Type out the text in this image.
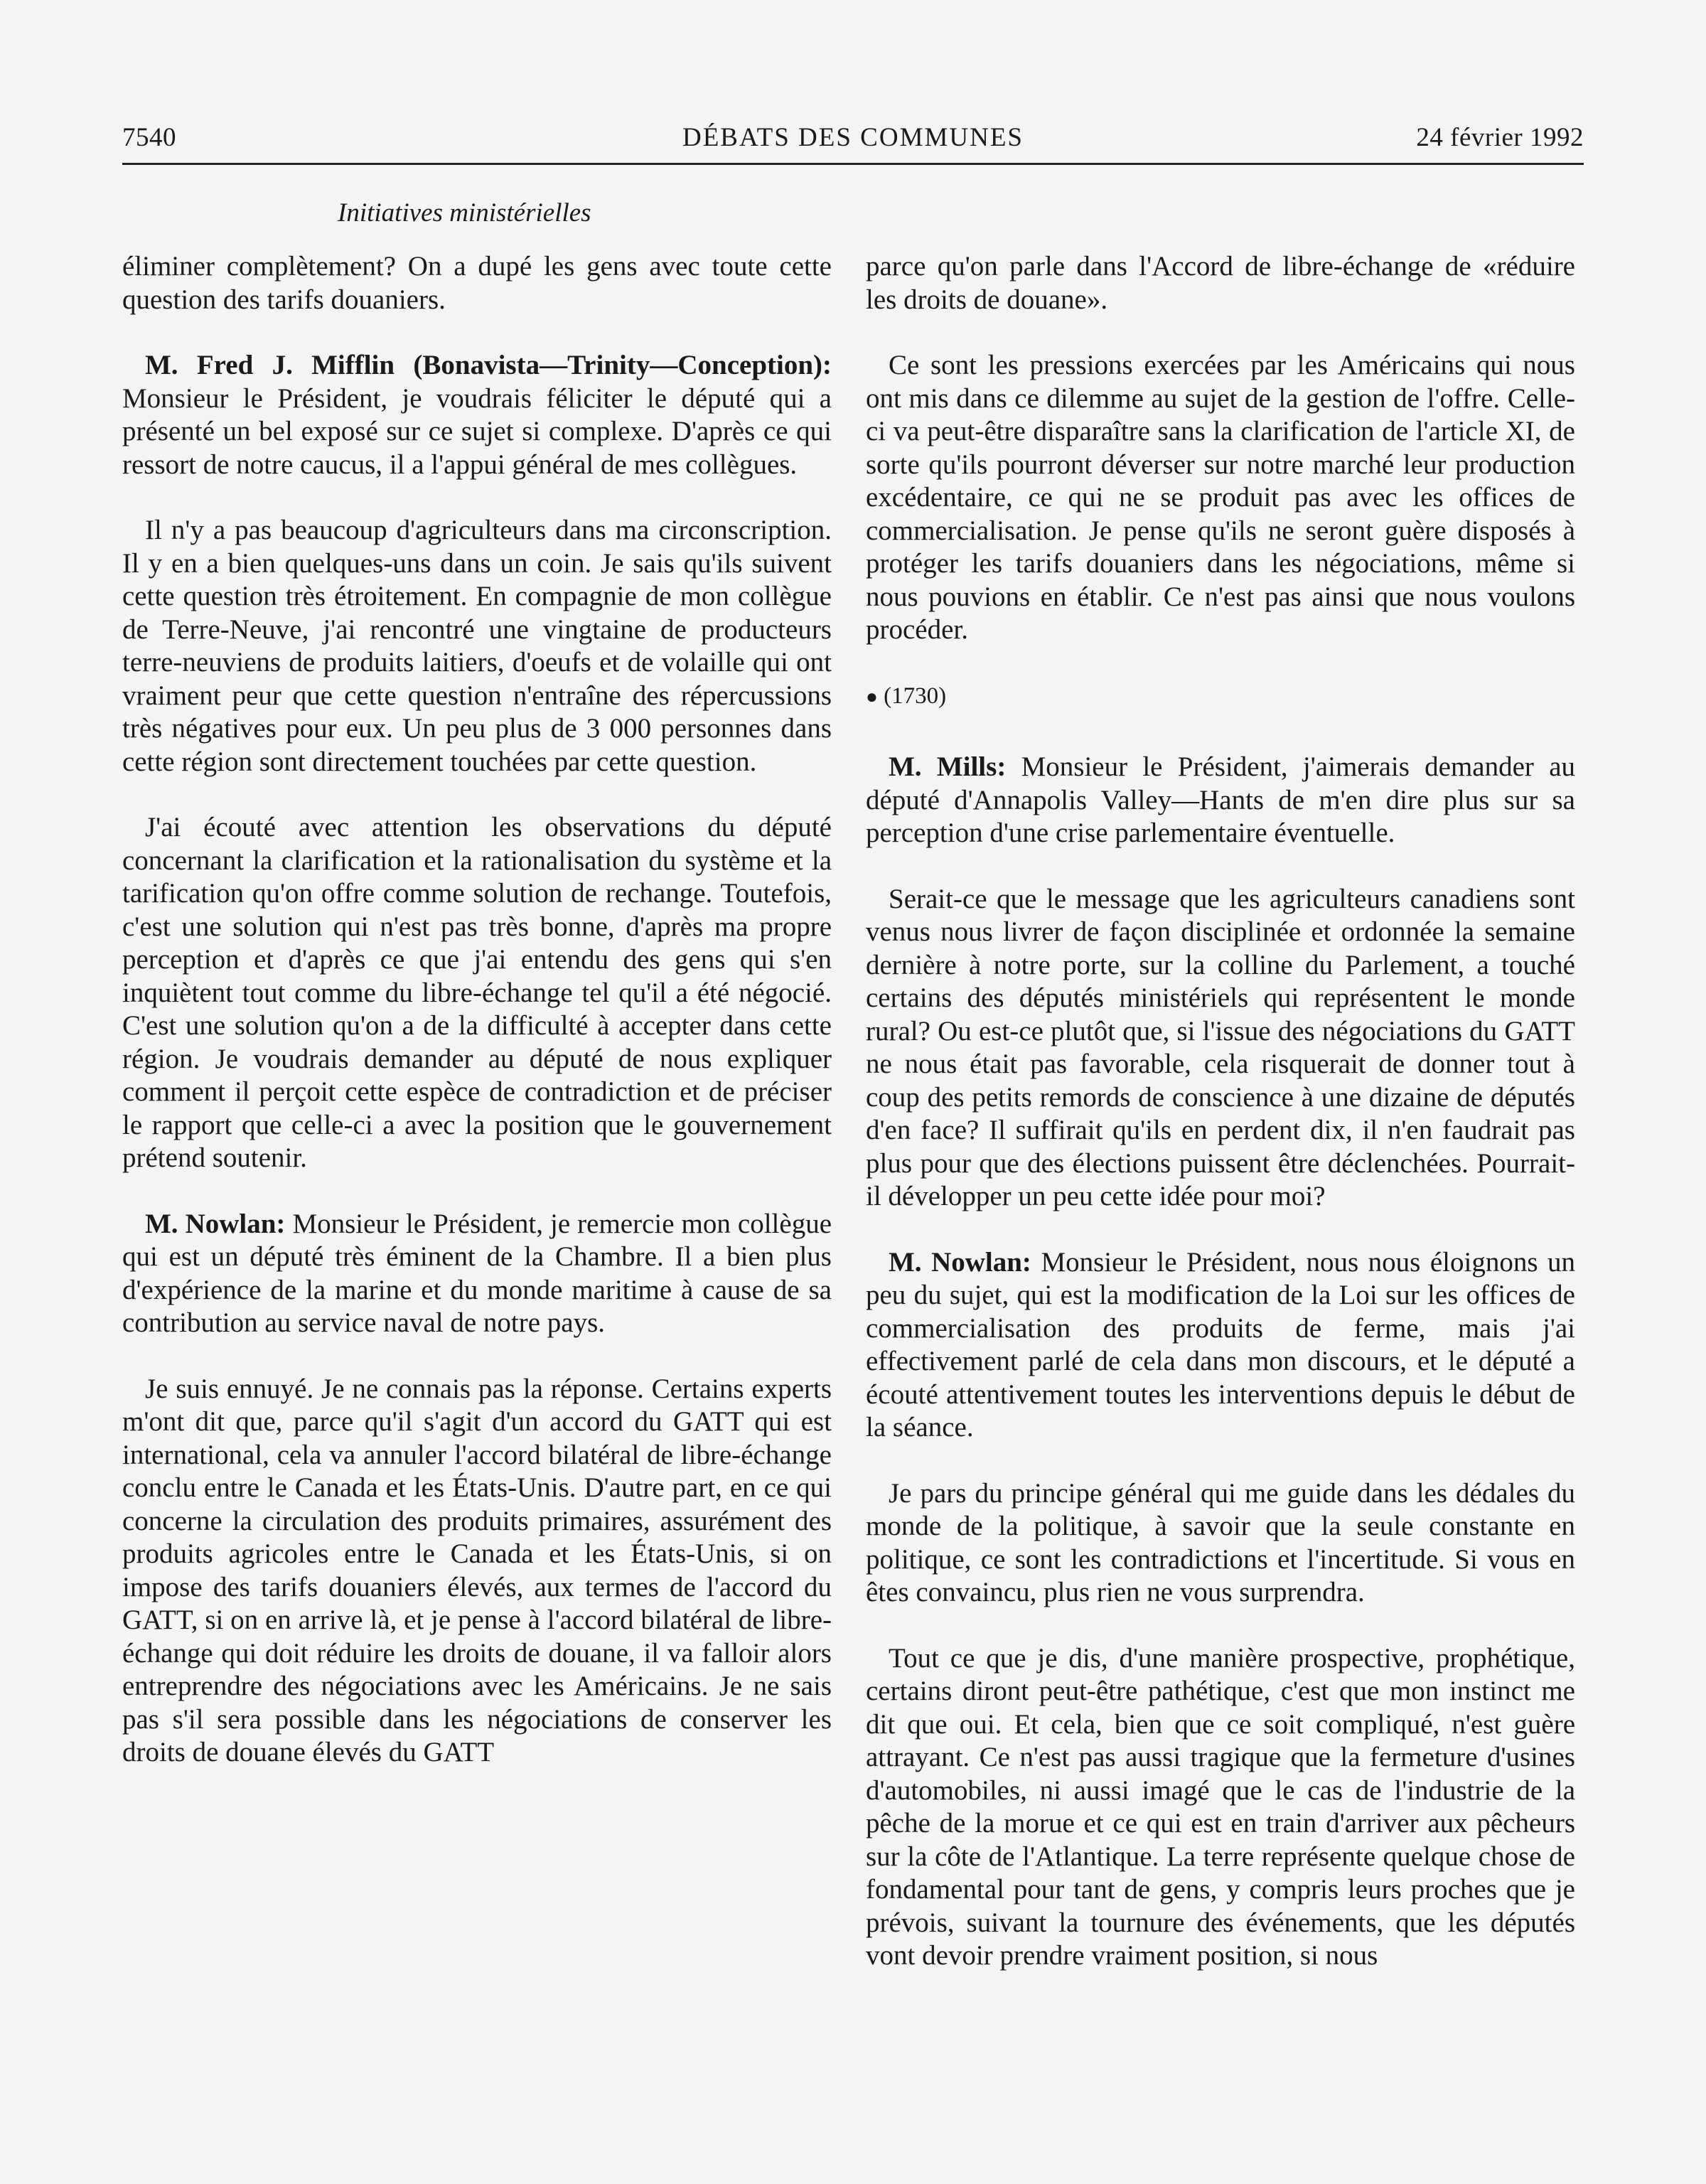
7540	DÉBATS DES COMMUNES	24 février 1992
Initiatives ministérielles

éliminer complètement? On a dupé les gens avec toute cette question des tarifs douaniers.

M. Fred J. Mifflin (Bonavista—Trinity—Conception): Monsieur le Président, je voudrais féliciter le député qui a présenté un bel exposé sur ce sujet si complexe. D'après ce qui ressort de notre caucus, il a l'appui général de mes collègues.

Il n'y a pas beaucoup d'agriculteurs dans ma circonscription. Il y en a bien quelques-uns dans un coin. Je sais qu'ils suivent cette question très étroitement. En compagnie de mon collègue de Terre-Neuve, j'ai rencontré une vingtaine de producteurs terre-neuviens de produits laitiers, d'oeufs et de volaille qui ont vraiment peur que cette question n'entraîne des répercussions très négatives pour eux. Un peu plus de 3 000 personnes dans cette région sont directement touchées par cette question.

J'ai écouté avec attention les observations du député concernant la clarification et la rationalisation du système et la tarification qu'on offre comme solution de rechange. Toutefois, c'est une solution qui n'est pas très bonne, d'après ma propre perception et d'après ce que j'ai entendu des gens qui s'en inquiètent tout comme du libre-échange tel qu'il a été négocié. C'est une solution qu'on a de la difficulté à accepter dans cette région. Je voudrais demander au député de nous expliquer comment il perçoit cette espèce de contradiction et de préciser le rapport que celle-ci a avec la position que le gouvernement prétend soutenir.

M. Nowlan: Monsieur le Président, je remercie mon collègue qui est un député très éminent de la Chambre. Il a bien plus d'expérience de la marine et du monde maritime à cause de sa contribution au service naval de notre pays.

Je suis ennuyé. Je ne connais pas la réponse. Certains experts m'ont dit que, parce qu'il s'agit d'un accord du GATT qui est international, cela va annuler l'accord bilatéral de libre-échange conclu entre le Canada et les États-Unis. D'autre part, en ce qui concerne la circulation des produits primaires, assurément des produits agricoles entre le Canada et les États-Unis, si on impose des tarifs douaniers élevés, aux termes de l'accord du GATT, si on en arrive là, et je pense à l'accord bilatéral de libre-échange qui doit réduire les droits de douane, il va falloir alors entreprendre des négociations avec les Américains. Je ne sais pas s'il sera possible dans les négociations de conserver les droits de douane élevés du GATT

parce qu'on parle dans l'Accord de libre-échange de «réduire les droits de douane».

Ce sont les pressions exercées par les Américains qui nous ont mis dans ce dilemme au sujet de la gestion de l'offre. Celle-ci va peut-être disparaître sans la clarification de l'article XI, de sorte qu'ils pourront déverser sur notre marché leur production excédentaire, ce qui ne se produit pas avec les offices de commercialisation. Je pense qu'ils ne seront guère disposés à protéger les tarifs douaniers dans les négociations, même si nous pouvions en établir. Ce n'est pas ainsi que nous voulons procéder.

● (1730)

M. Mills: Monsieur le Président, j'aimerais demander au député d'Annapolis Valley—Hants de m'en dire plus sur sa perception d'une crise parlementaire éventuelle.

Serait-ce que le message que les agriculteurs canadiens sont venus nous livrer de façon disciplinée et ordonnée la semaine dernière à notre porte, sur la colline du Parlement, a touché certains des députés ministériels qui représentent le monde rural? Ou est-ce plutôt que, si l'issue des négociations du GATT ne nous était pas favorable, cela risquerait de donner tout à coup des petits remords de conscience à une dizaine de députés d'en face? Il suffirait qu'ils en perdent dix, il n'en faudrait pas plus pour que des élections puissent être déclenchées. Pourrait-il développer un peu cette idée pour moi?

M. Nowlan: Monsieur le Président, nous nous éloignons un peu du sujet, qui est la modification de la Loi sur les offices de commercialisation des produits de ferme, mais j'ai effectivement parlé de cela dans mon discours, et le député a écouté attentivement toutes les interventions depuis le début de la séance.

Je pars du principe général qui me guide dans les dédales du monde de la politique, à savoir que la seule constante en politique, ce sont les contradictions et l'incertitude. Si vous en êtes convaincu, plus rien ne vous surprendra.

Tout ce que je dis, d'une manière prospective, prophétique, certains diront peut-être pathétique, c'est que mon instinct me dit que oui. Et cela, bien que ce soit compliqué, n'est guère attrayant. Ce n'est pas aussi tragique que la fermeture d'usines d'automobiles, ni aussi imagé que le cas de l'industrie de la pêche de la morue et ce qui est en train d'arriver aux pêcheurs sur la côte de l'Atlantique. La terre représente quelque chose de fondamental pour tant de gens, y compris leurs proches que je prévois, suivant la tournure des événements, que les députés vont devoir prendre vraiment position, si nous
